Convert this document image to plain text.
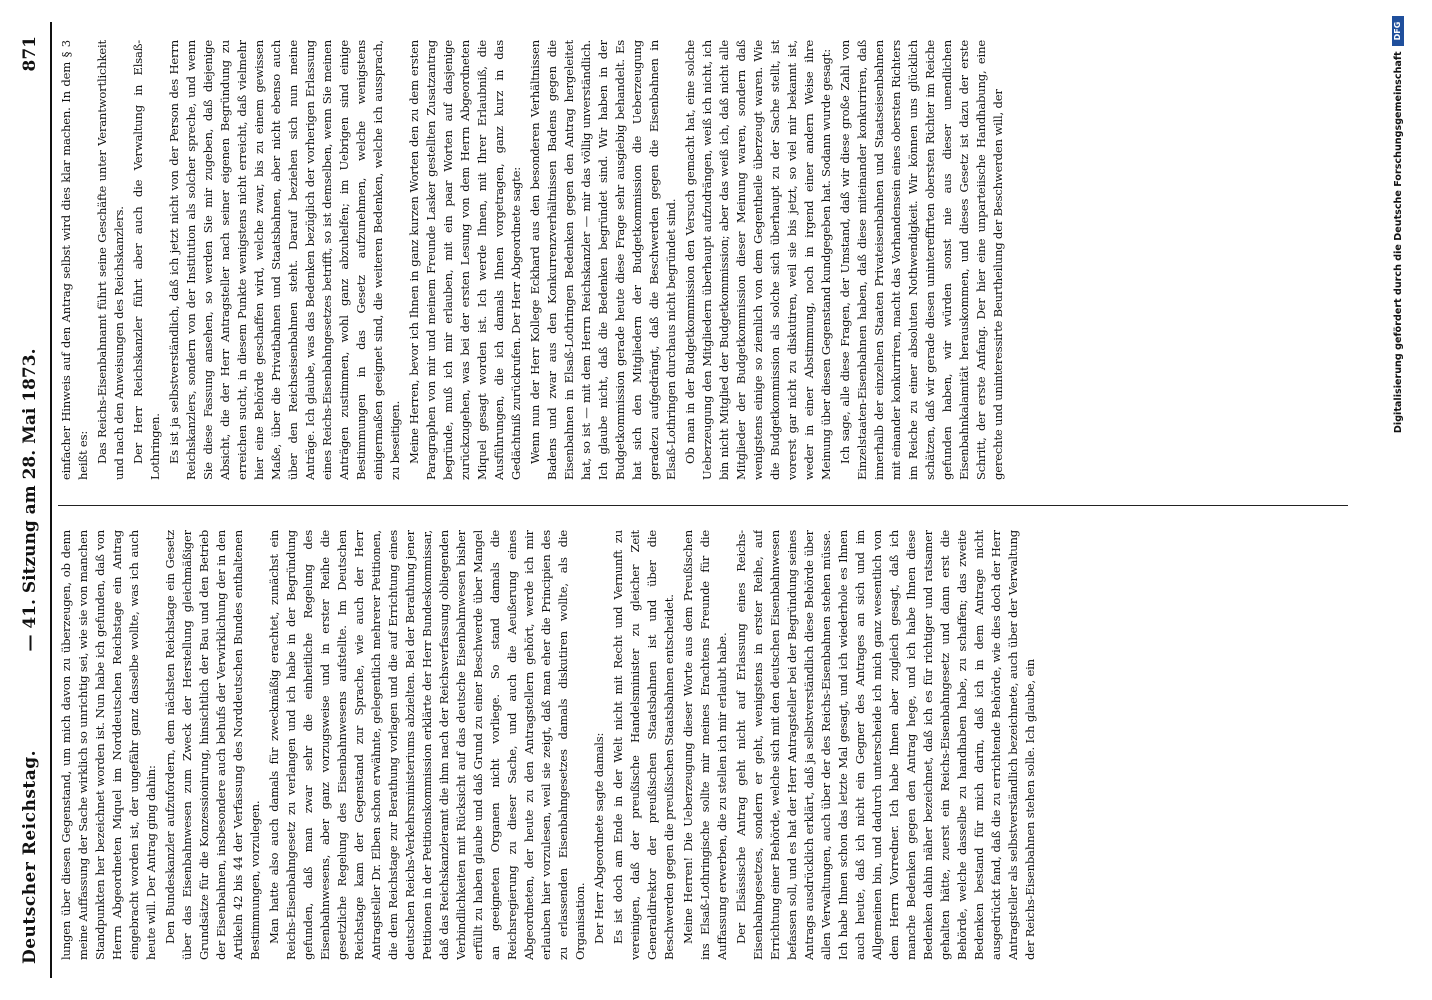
Deutscher Reichstag.
— 41. Sitzung am 28. Mai 1873.
871

lungen über diesen Gegenstand, um mich davon zu überzeugen, ob denn meine Auffassung der Sache wirklich so unrichtig sei, wie sie von manchen Standpunkten her bezeichnet worden ist. Nun habe ich gefunden, daß von Herrn Abgeordneten Miquel im Norddeutschen Reichstage ein Antrag eingebracht worden ist, der ungefähr ganz dasselbe wollte, was ich auch heute will. Der Antrag ging dahin: Den Bundeskanzler aufzufordern, dem nächsten Reichstage ein Gesetz über das Eisenbahnwesen zum Zweck der Herstellung gleichmäßiger Grundsätze für die Konzessionirung, hinsichtlich der Bau und den Betrieb der Eisenbahnen, insbesondere auch behufs der Verwirklichung der in den Artikeln 42 bis 44 der Verfassung des Norddeutschen Bundes enthaltenen Bestimmungen, vorzulegen. Man hatte also auch damals für zweckmäßig erachtet, zunächst ein Reichs-Eisenbahngesetz zu verlangen und ich habe in der Begründung gefunden, daß man zwar sehr die einheitliche Regelung des Eisenbahnwesens, aber ganz vorzugsweise und in erster Reihe die gesetzliche Regelung des Eisenbahnwesens aufstellte. Im Deutschen Reichstage kam der Gegenstand zur Sprache, wie auch der Herr Antragsteller Dr. Elben schon erwähnte, gelegentlich mehrerer Petitionen, die dem Reichstage zur Berathung vorlagen und die auf Errichtung eines deutschen Reichs-Verkehrsministeriums abzielten. Bei der Berathung jener Petitionen in der Petitionskommission erklärte der Herr Bundeskommissar, daß das Reichskanzleramt die ihm nach der Reichsverfassung obliegenden Verbindlichkeiten mit Rücksicht auf das deutsche Eisenbahnwesen bisher erfüllt zu haben glaube und daß Grund zu einer Beschwerde über Mangel an geeigneten Organen nicht vorliege. So stand damals die Reichsregierung zu dieser Sache, und auch die Aeußerung eines Abgeordneten, der heute zu den Antragstellern gehört, werde ich mir erlauben hier vorzulesen, weil sie zeigt, daß man eher die Principien des zu erlassenden Eisenbahngesetzes damals diskutiren wollte, als die Organisation. Der Herr Abgeordnete sagte damals: Es ist doch am Ende in der Welt nicht mit Recht und Vernunft zu vereinigen, daß der preußische Handelsminister zu gleicher Zeit Generaldirektor der preußischen Staatsbahnen ist und über die Beschwerden gegen die preußischen Staatsbahnen entscheidet. Meine Herren! Die Ueberzeugung dieser Worte aus dem Preußischen ins Elsaß-Lothringische sollte mir meines Erachtens Freunde für die Auffassung erwerben, die zu stellen ich mir erlaubt habe. Der Elsässische Antrag geht nicht auf Erlassung eines Reichs-Eisenbahngesetzes, sondern er geht, wenigstens in erster Reihe, auf Errichtung einer Behörde, welche sich mit den deutschen Eisenbahnwesen befassen soll, und es hat der Herr Antragsteller bei der Begründung seines Antrags ausdrücklich erklärt, daß ja selbstverständlich diese Behörde über allen Verwaltungen, auch über der des Reichs-Eisenbahnen stehen müsse. Ich habe Ihnen schon das letzte Mal gesagt, und ich wiederhole es Ihnen auch heute, daß ich nicht ein Gegner des Antrages an sich und im Allgemeinen bin, und dadurch unterscheide ich mich ganz wesentlich von dem Herrn Vorredner. Ich habe Ihnen aber zugleich gesagt, daß ich manche Bedenken gegen den Antrag hege, und ich habe Ihnen diese Bedenken dahin näher bezeichnet, daß ich es für richtiger und ratsamer gehalten hätte, zuerst ein Reichs-Eisenbahngesetz und dann erst die Behörde, welche dasselbe zu handhaben habe, zu schaffen; das zweite Bedenken bestand für mich darin, daß ich in dem Antrage nicht ausgedrückt fand, daß die zu errichtende Behörde, wie dies doch der Herr Antragsteller als selbstverständlich bezeichnete, auch über der Verwaltung der Reichs-Eisenbahnen stehen solle. Ich glaube, ein

einfacher Hinweis auf den Antrag selbst wird dies klar machen. In dem § 3 heißt es: Das Reichs-Eisenbahnamt führt seine Geschäfte unter Verantwortlichkeit und nach den Anweisungen des Reichskanzlers. Der Herr Reichskanzler führt aber auch die Verwaltung in Elsaß-Lothringen. Es ist ja selbstverständlich, daß ich jetzt nicht von der Person des Herrn Reichskanzlers, sondern von der Institution als solcher spreche, und wenn Sie diese Fassung ansehen, so werden Sie mir zugeben, daß diejenige Absicht, die der Herr Antragsteller nach seiner eigenen Begründung zu erreichen sucht, in diesem Punkte wenigstens nicht erreicht, daß vielmehr hier eine Behörde geschaffen wird, welche zwar, bis zu einem gewissen Maße, über die Privatbahnen und Staatsbahnen, aber nicht ebenso auch über den Reichseisenbahnen steht. Darauf beziehen sich nun meine Anträge. Ich glaube, was das Bedenken bezüglich der vorherigen Erlassung eines Reichs-Eisenbahngesetzes betrifft, so ist demselben, wenn Sie meinen Anträgen zustimmen, wohl ganz abzuhelfen; im Uebrigen sind einige Bestimmungen in das Gesetz aufzunehmen, welche wenigstens einigermaßen geeignet sind, die weiteren Bedenken, welche ich aussprach, zu beseitigen. Meine Herren, bevor ich Ihnen in ganz kurzen Worten den zu dem ersten Paragraphen von mir und meinem Freunde Lasker gestellten Zusatzantrag begründe, muß ich mir erlauben, mit ein paar Worten auf dasjenige zurückzugehen, was bei der ersten Lesung von dem Herrn Abgeordneten Miquel gesagt worden ist. Ich werde Ihnen, mit Ihrer Erlaubniß, die Ausführungen, die ich damals Ihnen vorgetragen, ganz kurz in das Gedächtniß zurückrufen. Der Herr Abgeordnete sagte: Wenn nun der Herr Kollege Eckhard aus den besonderen Verhältnissen Badens und zwar aus den Konkurrenzverhältnissen Badens gegen die Eisenbahnen in Elsaß-Lothringen Bedenken gegen den Antrag hergeleitet hat, so ist — mit dem Herrn Reichskanzler — mir das völlig unverständlich. Ich glaube nicht, daß die Bedenken begründet sind. Wir haben in der Budgetkommission gerade heute diese Frage sehr ausgiebig behandelt. Es hat sich den Mitgliedern der Budgetkommission die Ueberzeugung geradezu aufgedrängt, daß die Beschwerden gegen die Eisenbahnen in Elsaß-Lothringen durchaus nicht begründet sind. Ob man in der Budgetkommission den Versuch gemacht hat, eine solche Ueberzeugung den Mitgliedern überhaupt aufzudrängen, weiß ich nicht, ich bin nicht Mitglied der Budgetkommission; aber das weiß ich, daß nicht alle Mitglieder der Budgetkommission dieser Meinung waren, sondern daß wenigstens einige so ziemlich von dem Gegentheile überzeugt waren. Wie die Budgetkommission als solche sich überhaupt zu der Sache stellt, ist vorerst gar nicht zu diskutiren, weil sie bis jetzt, so viel mir bekannt ist, weder in einer Abstimmung, noch in irgend einer andern Weise ihre Meinung über diesen Gegenstand kundgegeben hat. Sodann wurde gesagt: Ich sage, alle diese Fragen, der Umstand, daß wir diese große Zahl von Einzelstaaten-Eisenbahnen haben, daß diese miteinander konkurriren, daß innerhalb der einzelnen Staaten Privateisenbahnen und Staatseisenbahnen mit einander konkurriren, macht das Vorhandensein eines obersten Richters im Reiche zu einer absoluten Nothwendigkeit. Wir können uns glücklich schätzen, daß wir gerade diesen unintereffirten obersten Richter im Reiche gefunden haben, wir würden sonst nie aus dieser unendlichen Eisenbahnkalamität herauskommen, und dieses Gesetz ist dazu der erste Schritt, der erste Anfang. Der hier eine unparteiische Handhabung, eine gerechte und uninteressirte Beurtheilung der Beschwerden will, der	Digitalisierung gefördert durch die Deutsche Forschungsgemeinschaft DFG
